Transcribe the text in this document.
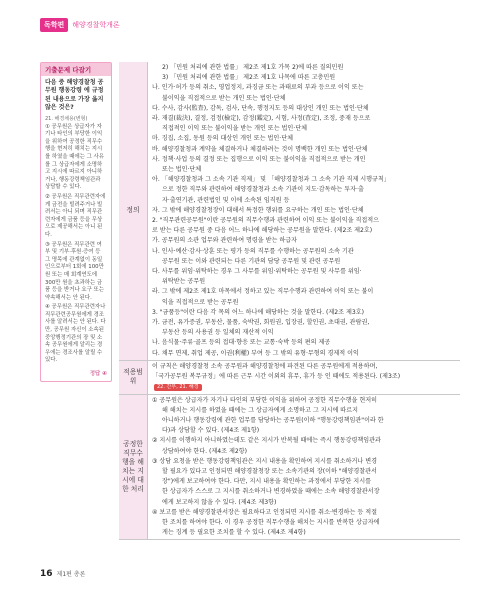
독학편	해양경찰학개론
기출문제 다잡기
다음 중 해양경찰청 공무원 행동강령 에 규정된 내용으로 가장 옳지 않은 것은?
21. 해경채용(변형)
① 공무원은 상급자가 자기나 타인의 부당한 이익을 위하여 공정한 직무수행을 현저히 해치는 지시를 하였을 때에는 그 사유를 그 상급자에게 소명하고 지시에 따르지 아니하거나, 행동강령책임관과 상담할 수 있다.
② 공무원은 직무관련자에게 금전을 빌려주거나 빌려서는 아니 되며 직무관련자에게 금품 등을 무상으로 제공해서는 아니 된다.
③ 공무원은 직무관련 여부 및 기부·후원·증여 등 그 명목에 관계없이 동일인으로부터 1회에 100만 원 또는 매 회계연도에 300만 원을 초과하는 금품 등을 받거나 요구 또는 약속해서는 안 된다.
④ 공무원은 직무관련자나 직무관련공무원에게 경조사를 알려서는 안 된다. 다만, 공무원 자신이 소속된 중앙행정기관의 장 및 소속 공무원에게 알리는 경우에는 경조사를 알릴 수 있다.
정답 ④
정의
2) 「민원 처리에 관한 법률」 제2조 제1호 가목 2)에 따른 질의민원
3) 「민원 처리에 관한 법률」 제2조 제1호 나목에 따른 고충민원
나. 인가·허가 등의 취소, 영업정지, 과징금 또는 과태료의 부과 등으로 이익 또는
불이익을 직접적으로 받는 개인 또는 법인·단체
다. 수사, 감사(監査), 감독, 검사, 단속, 행정지도 등의 대상인 개인 또는 법인·단체
라. 재결(裁決), 결정, 검정(檢定), 감정(鑑定), 시험, 사정(査定), 조정, 중재 등으로
직접적인 이익 또는 불이익을 받는 개인 또는 법인·단체
마. 징집, 소집, 동원 등의 대상인 개인 또는 법인·단체
바. 해양경찰청과 계약을 체결하거나 체결하려는 것이 명백한 개인 또는 법인·단체
사. 정책·사업 등의 결정 또는 집행으로 이익 또는 불이익을 직접적으로 받는 개인
또는 법인·단체
아. 「해양경찰청과 그 소속 기관 직제」 및 「해양경찰청과 그 소속 기관 직제 시행규칙」
으로 정한 직무와 관련하여 해양경찰청과 소속 기관이 지도·감독하는 투자·출
자·출연기관, 관련법인 및 이에 소속된 임직원 등
자. 그 밖에 해양경찰청장이 대해서 특정한 행위를 요구하는 개인 또는 법인·단체
2. "직무관련공무원"이란 공무원의 직무수행과 관련하여 이익 또는 불이익을 직접적으
로 받는 다른 공무원 중 다음 어느 하나에 해당하는 공무원을 말한다. (제2조 제2호)
가. 공무원의 소관 업무와 관련하여 명령을 받는 하급자
나. 인사·예산·감사·상훈 또는 평가 등의 직무를 수행하는 공무원의 소속 기관
공무원 또는 이와 관련되는 다른 기관의 담당 공무원 및 관련 공무원
다. 사무를 위임·위탁하는 경우 그 사무를 위임·위탁하는 공무원 및 사무를 위임·
위탁받는 공무원
라. 그 밖에 제2조 제1호 마목에서 정하고 있는 직무수행과 관련하여 이익 또는 불이
익을 직접적으로 받는 공무원
3. "금품등"이란 다음 각 목의 어느 하나에 해당하는 것을 말한다. (제2조 제3호)
가. 금전, 유가증권, 부동산, 물품, 숙박권, 회원권, 입장권, 할인권, 초대권, 관람권,
부동산 등의 사용권 등 일체의 재산적 이익
나. 음식물·주류·골프 등의 접대·향응 또는 교통·숙박 등의 편의 제공
다. 채무 면제, 취업 제공, 이권(利權) 부여 등 그 밖의 유형·무형의 경제적 이익
적용범위
이 규칙은 해양경찰청 소속 공무원과 해양경찰청에 파견된 다른 공무원에게 적용하며,
「국가공무원 복무규정」에 따른 근무 시간 이외의 휴무, 휴가 등 인 때에도 적용된다. (제3조)
22. 간부, 21. 해경
공정한 직무수행을 해치는 지시에 대한 처리
① 공무원은 상급자가 자기나 타인의 부당한 이익을 위하여 공정한 직무수행을 현저히
해 해치는 지시를 하였을 때에는 그 상급자에게 소명하고 그 지시에 따르지
아니하거나 행동강령에 관한 업무를 담당하는 공무원(이하 "행동강령책임관"이라 한
다)과 상담할 수 있다. (제4조 제1항)
② 지시를 이행하지 아니하였는데도 같은 지시가 반복될 때에는 즉시 행동강령책임관과
상담하여야 한다. (제4조 제2항)
③ 상담 요청을 받은 행동강령책임관은 지시 내용을 확인하여 지시를 취소하거나 변경
할 필요가 있다고 인정되면 해양경찰청장 또는 소속기관의 장(이하 "해양경찰관서
장")에게 보고하여야 한다. 다만, 지시 내용을 확인하는 과정에서 부당한 지시를
한 상급자가 스스로 그 지시를 취소하거나 변경하였을 때에는 소속 해양경찰관서장
에게 보고하지 않을 수 있다. (제4조 제3항)
④ 보고를 받은 해양경찰관서장은 필요하다고 인정되면 지시를 취소·변경하는 등 적절
한 조치를 하여야 한다. 이 경우 공정한 직무수행을 해치는 지시를 반복한 상급자에
게는 징계 등 필요한 조치를 할 수 있다. (제4조 제4항)
16 제1편 총론
